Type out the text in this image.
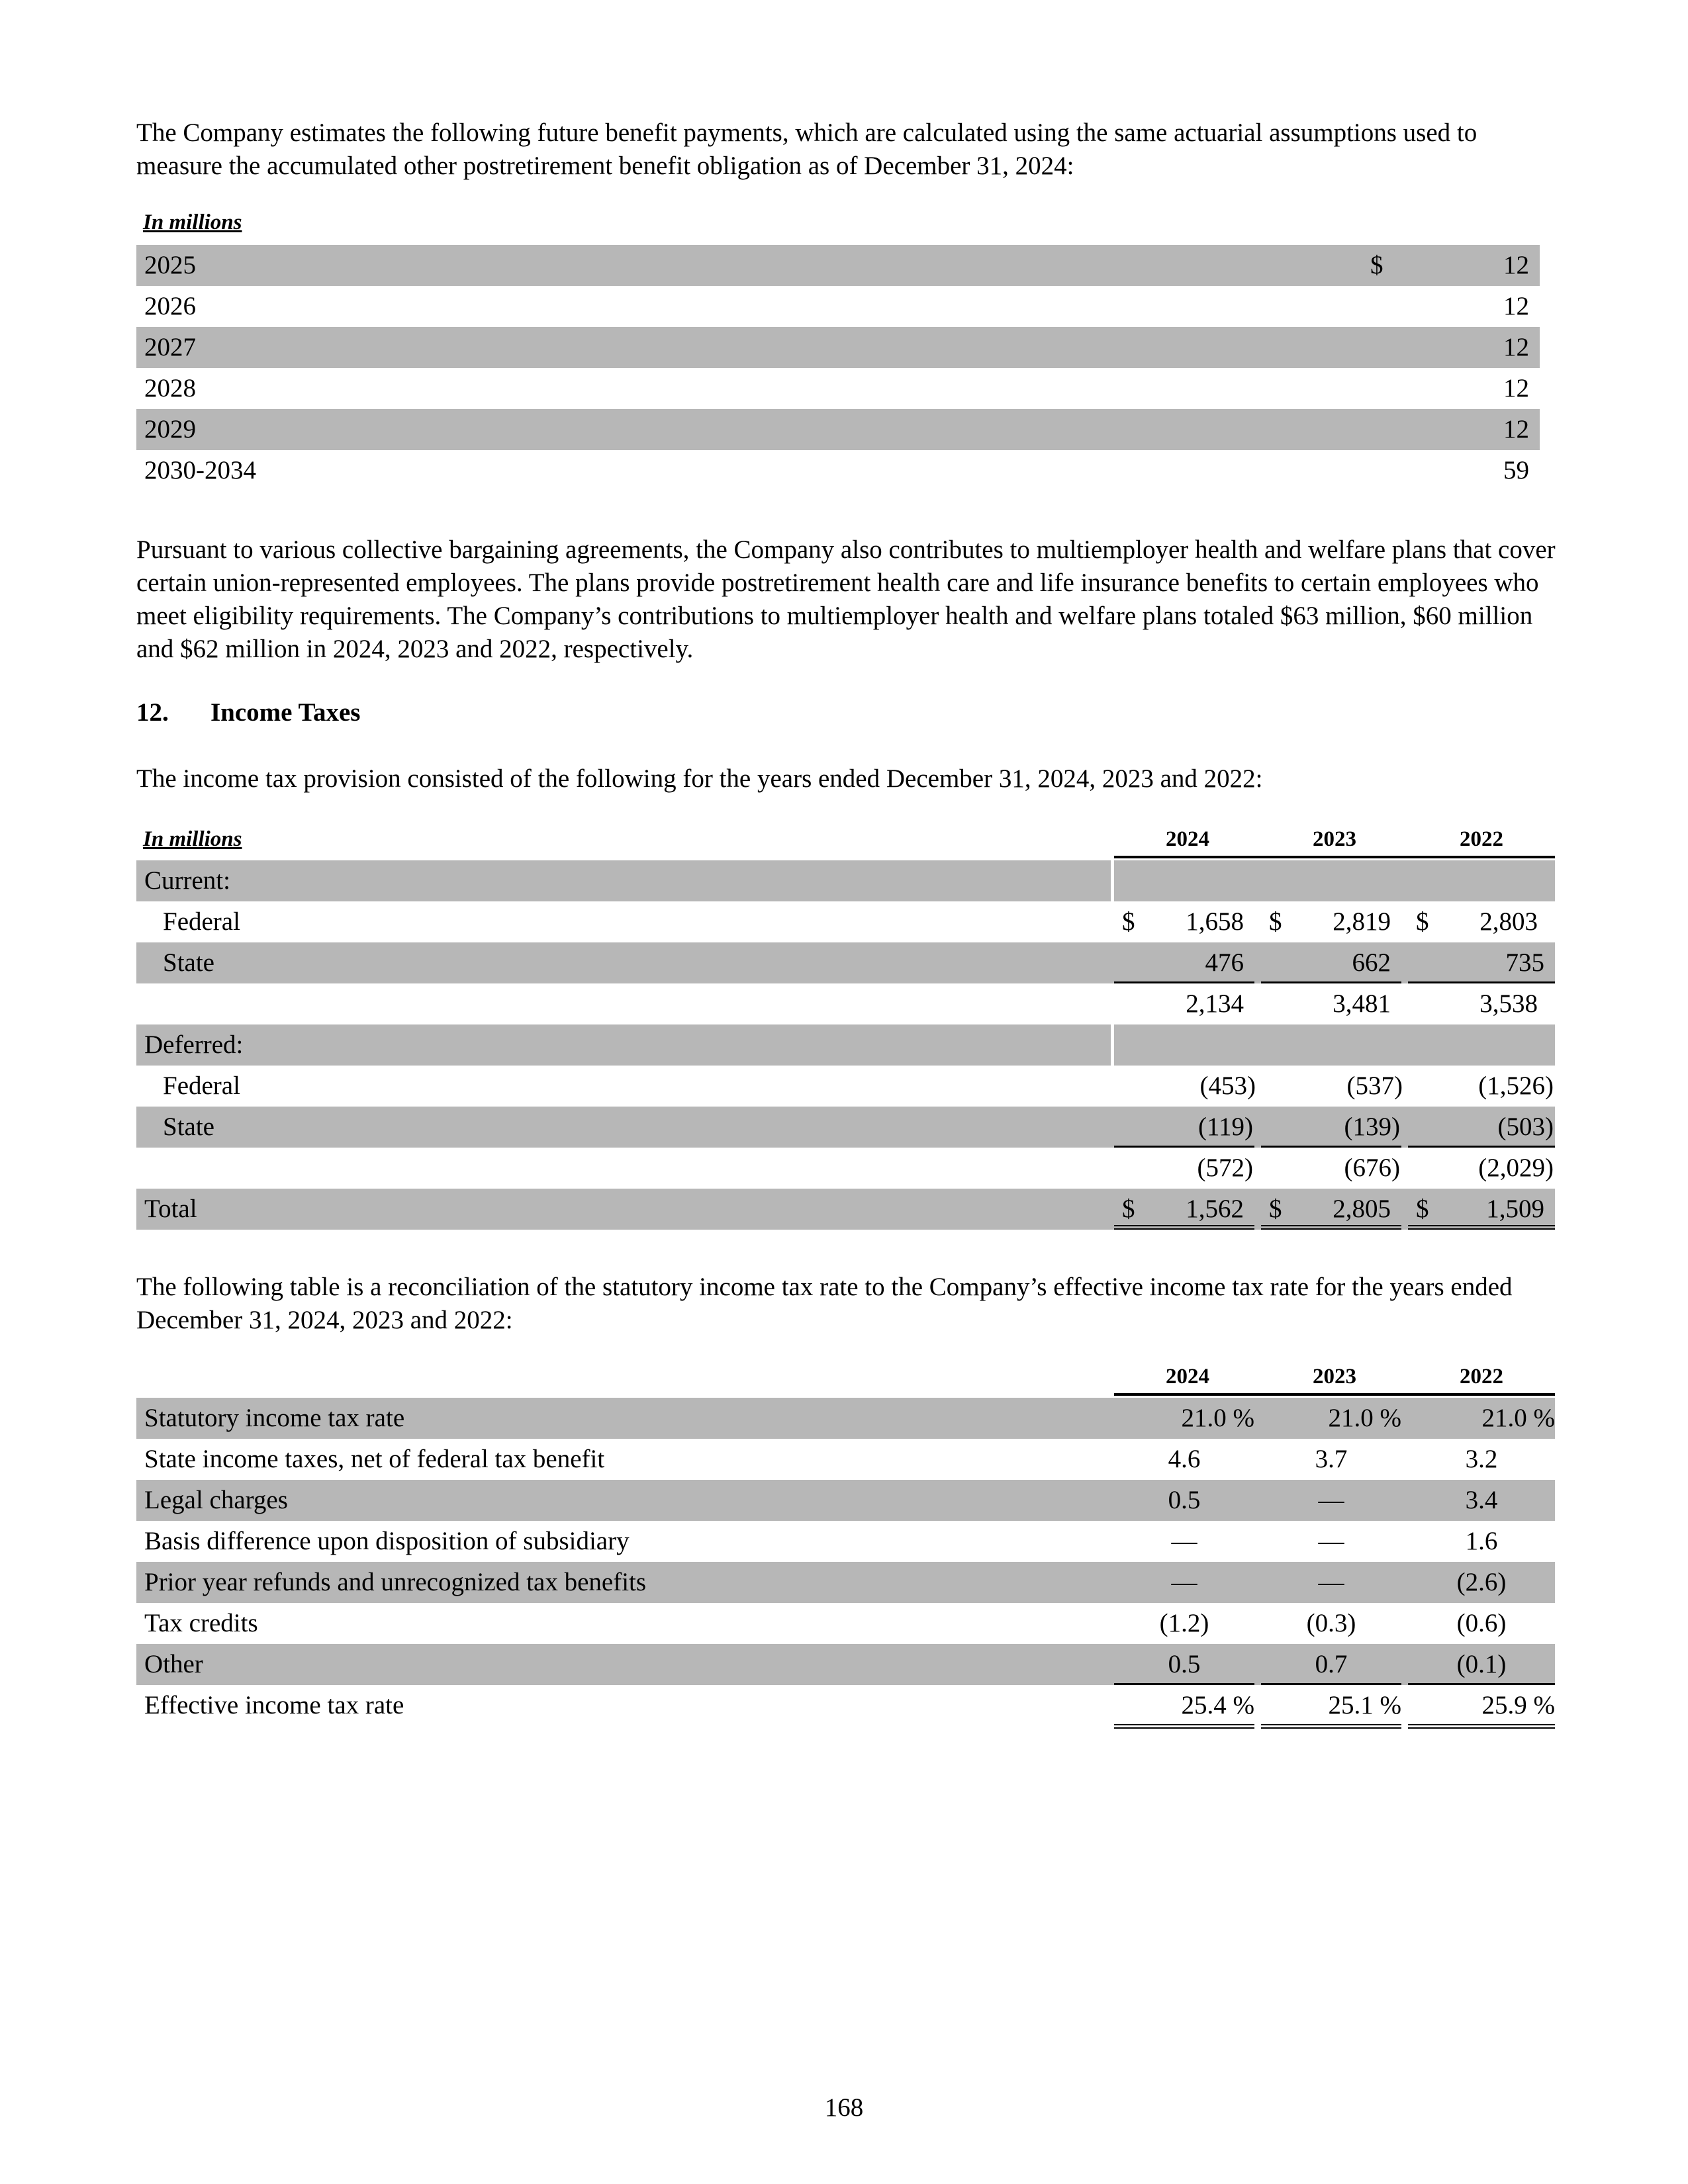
The Company estimates the following future benefit payments, which are calculated using the same actuarial assumptions used to measure the accumulated other postretirement benefit obligation as of December 31, 2024:

In millions
2025	$	12
2026	12
2027	12
2028	12
2029	12
2030-2034	59

Pursuant to various collective bargaining agreements, the Company also contributes to multiemployer health and welfare plans that cover certain union-represented employees. The plans provide postretirement health care and life insurance benefits to certain employees who meet eligibility requirements. The Company’s contributions to multiemployer health and welfare plans totaled $63 million, $60 million and $62 million in 2024, 2023 and 2022, respectively.

12. Income Taxes

The income tax provision consisted of the following for the years ended December 31, 2024, 2023 and 2022:

In millions	2024	2023	2022
Current:
Federal	$ 1,658 $ 2,819 $ 2,803
State	476	662	735
2,134	3,481	3,538
Deferred:
Federal	(453)	(537)	(1,526)
State	(119)	(139)	(503)
(572)	(676)	(2,029)
Total	$ 1,562 $ 2,805 $ 1,509

The following table is a reconciliation of the statutory income tax rate to the Company’s effective income tax rate for the years ended December 31, 2024, 2023 and 2022:

2024	2023	2022
Statutory income tax rate	21.0 %	21.0 %	21.0 %
State income taxes, net of federal tax benefit	4.6	3.7	3.2
Legal charges	0.5	—	3.4
Basis difference upon disposition of subsidiary	—	—	1.6
Prior year refunds and unrecognized tax benefits	—	—	(2.6)
Tax credits	(1.2)	(0.3)	(0.6)
Other	0.5	0.7	(0.1)
Effective income tax rate	25.4 %	25.1 %	25.9 %
168
